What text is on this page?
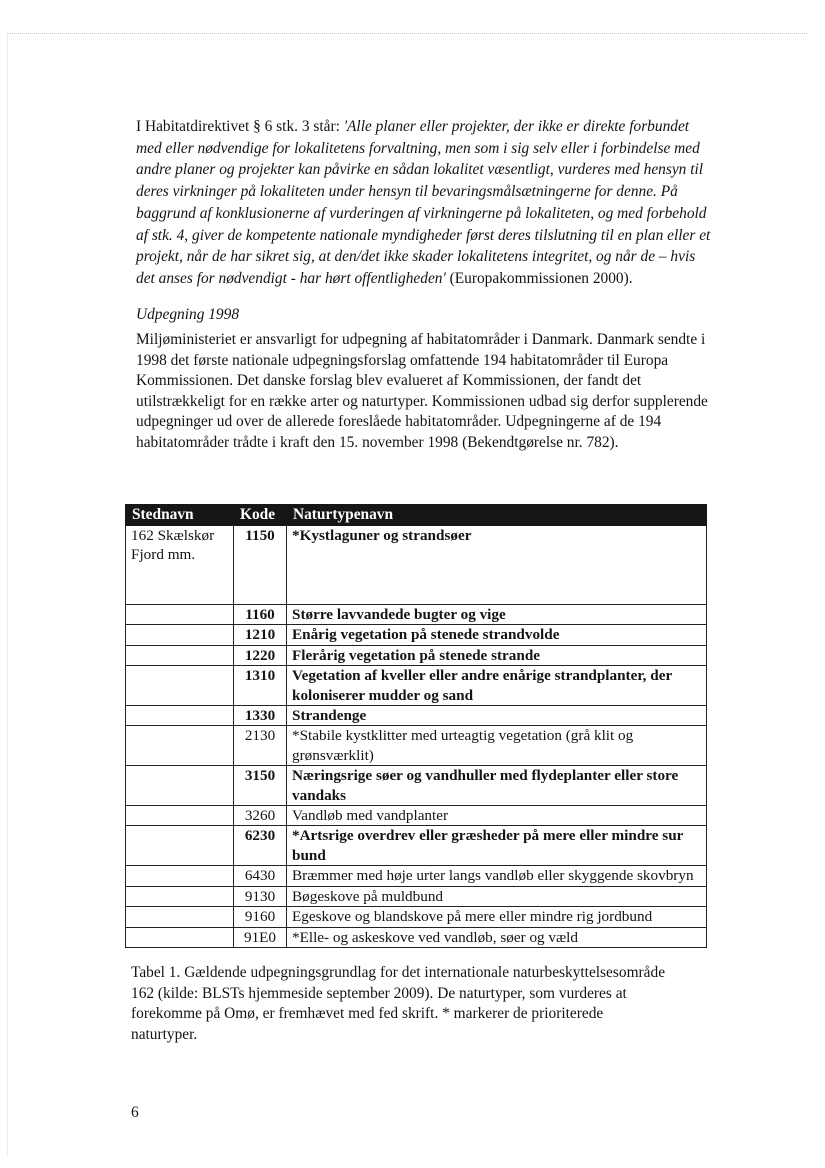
I Habitatdirektivet § 6 stk. 3 står: 'Alle planer eller projekter, der ikke er direkte forbundet med eller nødvendige for lokalitetens forvaltning, men som i sig selv eller i forbindelse med andre planer og projekter kan påvirke en sådan lokalitet væsentligt, vurderes med hensyn til deres virkninger på lokaliteten under hensyn til bevaringsmålsætningerne for denne. På baggrund af konklusionerne af vurderingen af virkningerne på lokaliteten, og med forbehold af stk. 4, giver de kompetente nationale myndigheder først deres tilslutning til en plan eller et projekt, når de har sikret sig, at den/det ikke skader lokalitetens integritet, og når de – hvis det anses for nødvendigt - har hørt offentligheden' (Europakommissionen 2000).

Udpegning 1998

Miljøministeriet er ansvarligt for udpegning af habitatområder i Danmark. Danmark sendte i 1998 det første nationale udpegningsforslag omfattende 194 habitatområder til Europa Kommissionen. Det danske forslag blev evalueret af Kommissionen, der fandt det utilstrækkeligt for en række arter og naturtyper. Kommissionen udbad sig derfor supplerende udpegninger ud over de allerede foreslåede habitatområder. Udpegningerne af de 194 habitatområder trådte i kraft den 15. november 1998 (Bekendtgørelse nr. 782).

Stednavn	Kode	Naturtypenavn
162 Skælskør Fjord mm.	1150	*Kystlaguner og strandsøer
	1160	Større lavvandede bugter og vige
	1210	Enårig vegetation på stenede strandvolde
	1220	Flerårig vegetation på stenede strande
	1310	Vegetation af kveller eller andre enårige strandplanter, der koloniserer mudder og sand
	1330	Strandenge
	2130	*Stabile kystklitter med urteagtig vegetation (grå klit og grønsværklit)
	3150	Næringsrige søer og vandhuller med flydeplanter eller store vandaks
	3260	Vandløb med vandplanter
	6230	*Artsrige overdrev eller græsheder på mere eller mindre sur bund
	6430	Bræmmer med høje urter langs vandløb eller skyggende skovbryn
	9130	Bøgeskove på muldbund
	9160	Egeskove og blandskove på mere eller mindre rig jordbund
	91E0	*Elle- og askeskove ved vandløb, søer og væld

Tabel 1. Gældende udpegningsgrundlag for det internationale naturbeskyttelsesområde 162 (kilde: BLSTs hjemmeside september 2009). De naturtyper, som vurderes at forekomme på Omø, er fremhævet med fed skrift. * markerer de prioriterede naturtyper.

6
